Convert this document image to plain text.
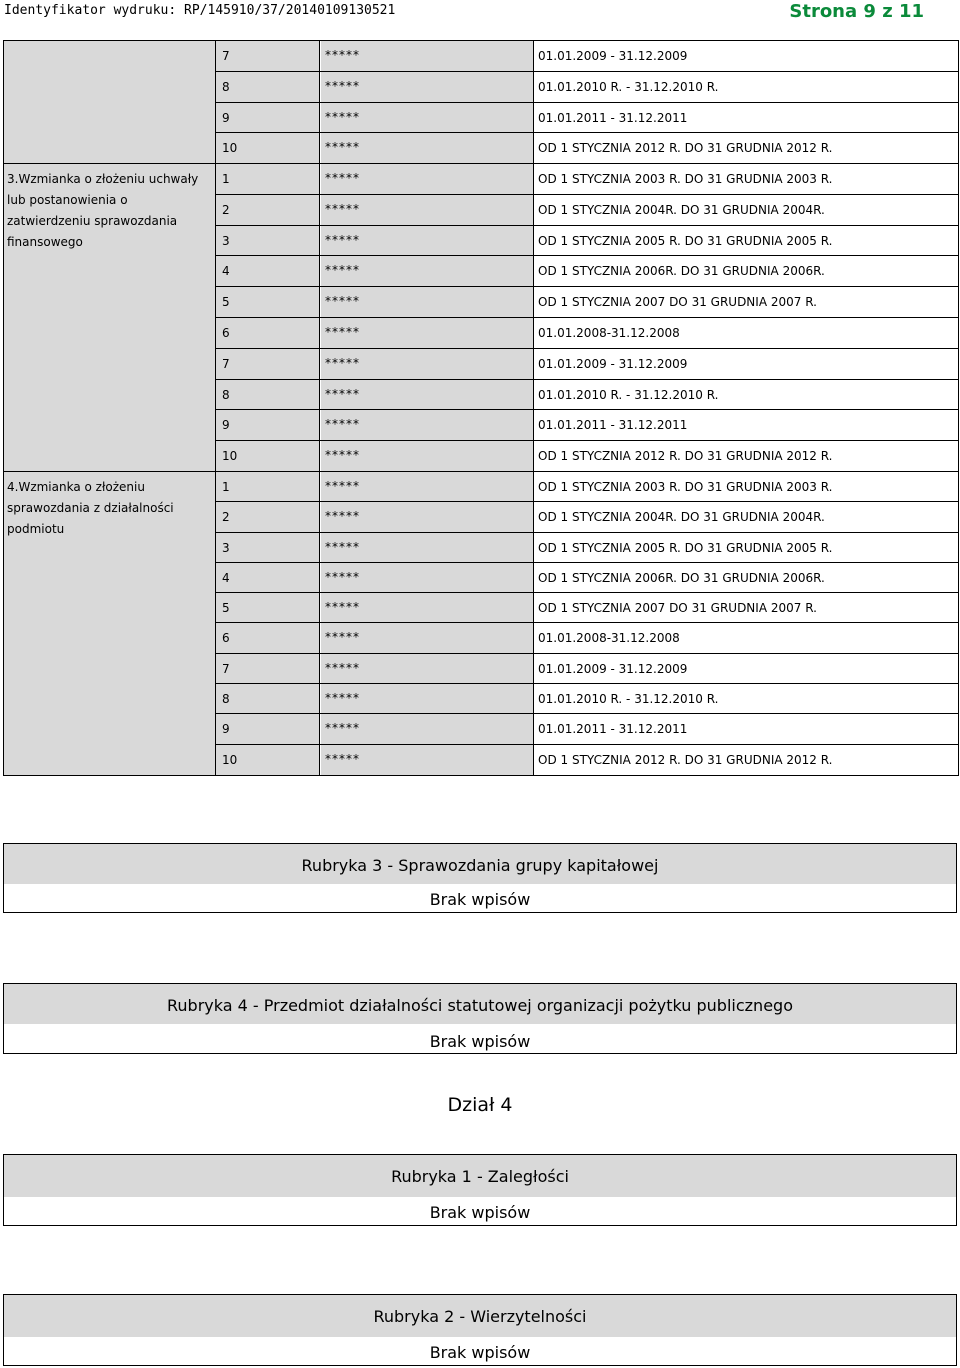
Identyfikator wydruku: RP/145910/37/20140109130521	Strona 9 z 11
7	*****	01.01.2009 - 31.12.2009
8	*****	01.01.2010 R. - 31.12.2010 R.
9	*****	01.01.2011 - 31.12.2011
10	*****	OD 1 STYCZNIA 2012 R. DO 31 GRUDNIA 2012 R.
3.Wzmianka o złożeniu uchwały lub postanowienia o zatwierdzeniu sprawozdania finansowego
1	*****	OD 1 STYCZNIA 2003 R. DO 31 GRUDNIA 2003 R.
2	*****	OD 1 STYCZNIA 2004R. DO 31 GRUDNIA 2004R.
3	*****	OD 1 STYCZNIA 2005 R. DO 31 GRUDNIA 2005 R.
4	*****	OD 1 STYCZNIA 2006R. DO 31 GRUDNIA 2006R.
5	*****	OD 1 STYCZNIA 2007 DO 31 GRUDNIA 2007 R.
6	*****	01.01.2008-31.12.2008
7	*****	01.01.2009 - 31.12.2009
8	*****	01.01.2010 R. - 31.12.2010 R.
9	*****	01.01.2011 - 31.12.2011
10	*****	OD 1 STYCZNIA 2012 R. DO 31 GRUDNIA 2012 R.
4.Wzmianka o złożeniu sprawozdania z działalności podmiotu
1	*****	OD 1 STYCZNIA 2003 R. DO 31 GRUDNIA 2003 R.
2	*****	OD 1 STYCZNIA 2004R. DO 31 GRUDNIA 2004R.
3	*****	OD 1 STYCZNIA 2005 R. DO 31 GRUDNIA 2005 R.
4	*****	OD 1 STYCZNIA 2006R. DO 31 GRUDNIA 2006R.
5	*****	OD 1 STYCZNIA 2007 DO 31 GRUDNIA 2007 R.
6	*****	01.01.2008-31.12.2008
7	*****	01.01.2009 - 31.12.2009
8	*****	01.01.2010 R. - 31.12.2010 R.
9	*****	01.01.2011 - 31.12.2011
10	*****	OD 1 STYCZNIA 2012 R. DO 31 GRUDNIA 2012 R.
Rubryka 3 - Sprawozdania grupy kapitałowej
Brak wpisów
Rubryka 4 - Przedmiot działalności statutowej organizacji pożytku publicznego
Brak wpisów
Dział 4
Rubryka 1 - Zaległości
Brak wpisów
Rubryka 2 - Wierzytelności
Brak wpisów
